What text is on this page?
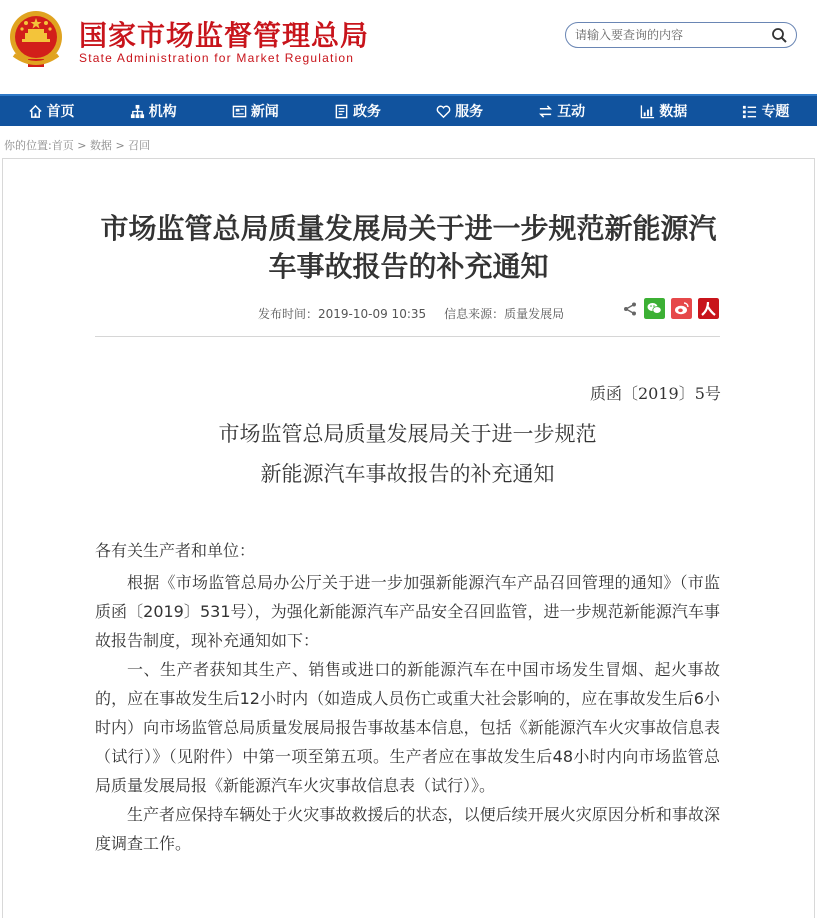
国家市场监督管理总局
State Administration for Market Regulation
请输入要查询的内容
首页	机构	新闻	政务	服务	互动	数据	专题
你的位置:首页 > 数据 > 召回
市场监管总局质量发展局关于进一步规范新能源汽车事故报告的补充通知
发布时间：2019-10-09 10:35 信息来源：质量发展局
质函〔2019〕5号
市场监管总局质量发展局关于进一步规范
新能源汽车事故报告的补充通知

各有关生产者和单位：

根据《市场监管总局办公厅关于进一步加强新能源汽车产品召回管理的通知》（市监质函〔2019〕531号），为强化新能源汽车产品安全召回监管，进一步规范新能源汽车事故报告制度，现补充通知如下：

一、生产者获知其生产、销售或进口的新能源汽车在中国市场发生冒烟、起火事故的，应在事故发生后12小时内（如造成人员伤亡或重大社会影响的，应在事故发生后6小时内）向市场监管总局质量发展局报告事故基本信息，包括《新能源汽车火灾事故信息表（试行）》（见附件）中第一项至第五项。生产者应在事故发生后48小时内向市场监管总局质量发展局报《新能源汽车火灾事故信息表（试行）》。

生产者应保持车辆处于火灾事故救援后的状态，以便后续开展火灾原因分析和事故深度调查工作。
